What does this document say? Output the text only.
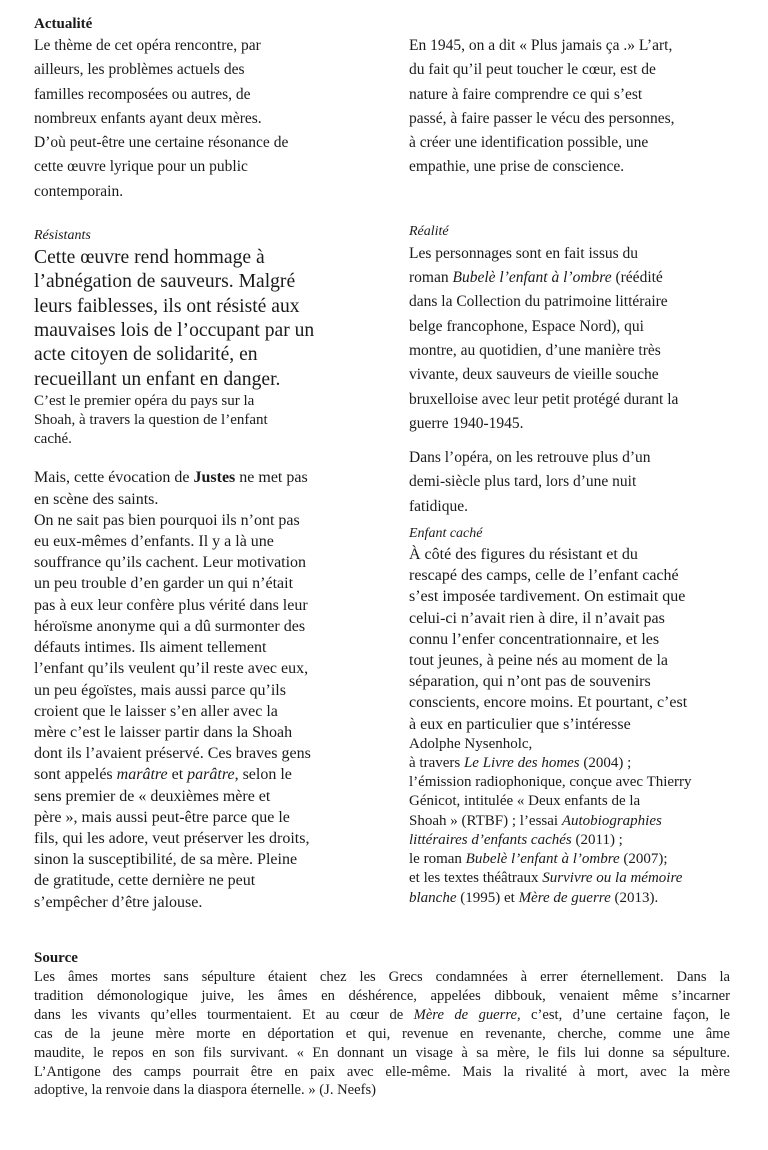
Actualité
Le thème de cet opéra rencontre, par
ailleurs, les problèmes actuels des
familles recomposées ou autres, de
nombreux enfants ayant deux mères.
D’où peut-être une certaine résonance de
cette œuvre lyrique pour un public
contemporain.
Résistants
Cette œuvre rend hommage à
l’abnégation de sauveurs. Malgré
leurs faiblesses, ils ont résisté aux
mauvaises lois de l’occupant par un
acte citoyen de solidarité, en
recueillant un enfant en danger.
C’est le premier opéra du pays sur la
Shoah, à travers la question de l’enfant
caché.
Mais, cette évocation de Justes ne met pas
en scène des saints.
On ne sait pas bien pourquoi ils n’ont pas
eu eux-mêmes d’enfants. Il y a là une
souffrance qu’ils cachent. Leur motivation
un peu trouble d’en garder un qui n’était
pas à eux leur confère plus vérité dans leur
héroïsme anonyme qui a dû surmonter des
défauts intimes. Ils aiment tellement
l’enfant qu’ils veulent qu’il reste avec eux,
un peu égoïstes, mais aussi parce qu’ils
croient que le laisser s’en aller avec la
mère c’est le laisser partir dans la Shoah
dont ils l’avaient préservé. Ces braves gens
sont appelés marâtre et parâtre, selon le
sens premier de « deuxièmes mère et
père », mais aussi peut-être parce que le
fils, qui les adore, veut préserver les droits,
sinon la susceptibilité, de sa mère. Pleine
de gratitude, cette dernière ne peut
s’empêcher d’être jalouse.
En 1945, on a dit « Plus jamais ça .» L’art,
du fait qu’il peut toucher le cœur, est de
nature à faire comprendre ce qui s’est
passé, à faire passer le vécu des personnes,
à créer une identification possible, une
empathie, une prise de conscience.
Réalité
Les personnages sont en fait issus du
roman Bubelè l’enfant à l’ombre (réédité
dans la Collection du patrimoine littéraire
belge francophone, Espace Nord), qui
montre, au quotidien, d’une manière très
vivante, deux sauveurs de vieille souche
bruxelloise avec leur petit protégé durant la
guerre 1940-1945.
Dans l’opéra, on les retrouve plus d’un
demi-siècle plus tard, lors d’une nuit
fatidique.
Enfant caché
À côté des figures du résistant et du
rescapé des camps, celle de l’enfant caché
s’est imposée tardivement. On estimait que
celui-ci n’avait rien à dire, il n’avait pas
connu l’enfer concentrationnaire, et les
tout jeunes, à peine nés au moment de la
séparation, qui n’ont pas de souvenirs
conscients, encore moins. Et pourtant, c’est
à eux en particulier que s’intéresse
Adolphe Nysenholc,
à travers Le Livre des homes (2004) ;
l’émission radiophonique, conçue avec Thierry
Génicot, intitulée « Deux enfants de la
Shoah » (RTBF) ; l’essai Autobiographies
littéraires d’enfants cachés (2011) ;
le roman Bubelè l’enfant à l’ombre (2007);
et les textes théâtraux Survivre ou la mémoire
blanche (1995) et Mère de guerre (2013).
Source
Les âmes mortes sans sépulture étaient chez les Grecs condamnées à errer éternellement. Dans la
tradition démonologique juive, les âmes en déshérence, appelées dibbouk, venaient même s’incarner
dans les vivants qu’elles tourmentaient. Et au cœur de Mère de guerre, c’est, d’une certaine façon, le
cas de la jeune mère morte en déportation et qui, revenue en revenante, cherche, comme une âme
maudite, le repos en son fils survivant. « En donnant un visage à sa mère, le fils lui donne sa sépulture.
L’Antigone des camps pourrait être en paix avec elle-même. Mais la rivalité à mort, avec la mère
adoptive, la renvoie dans la diaspora éternelle. » (J. Neefs)
